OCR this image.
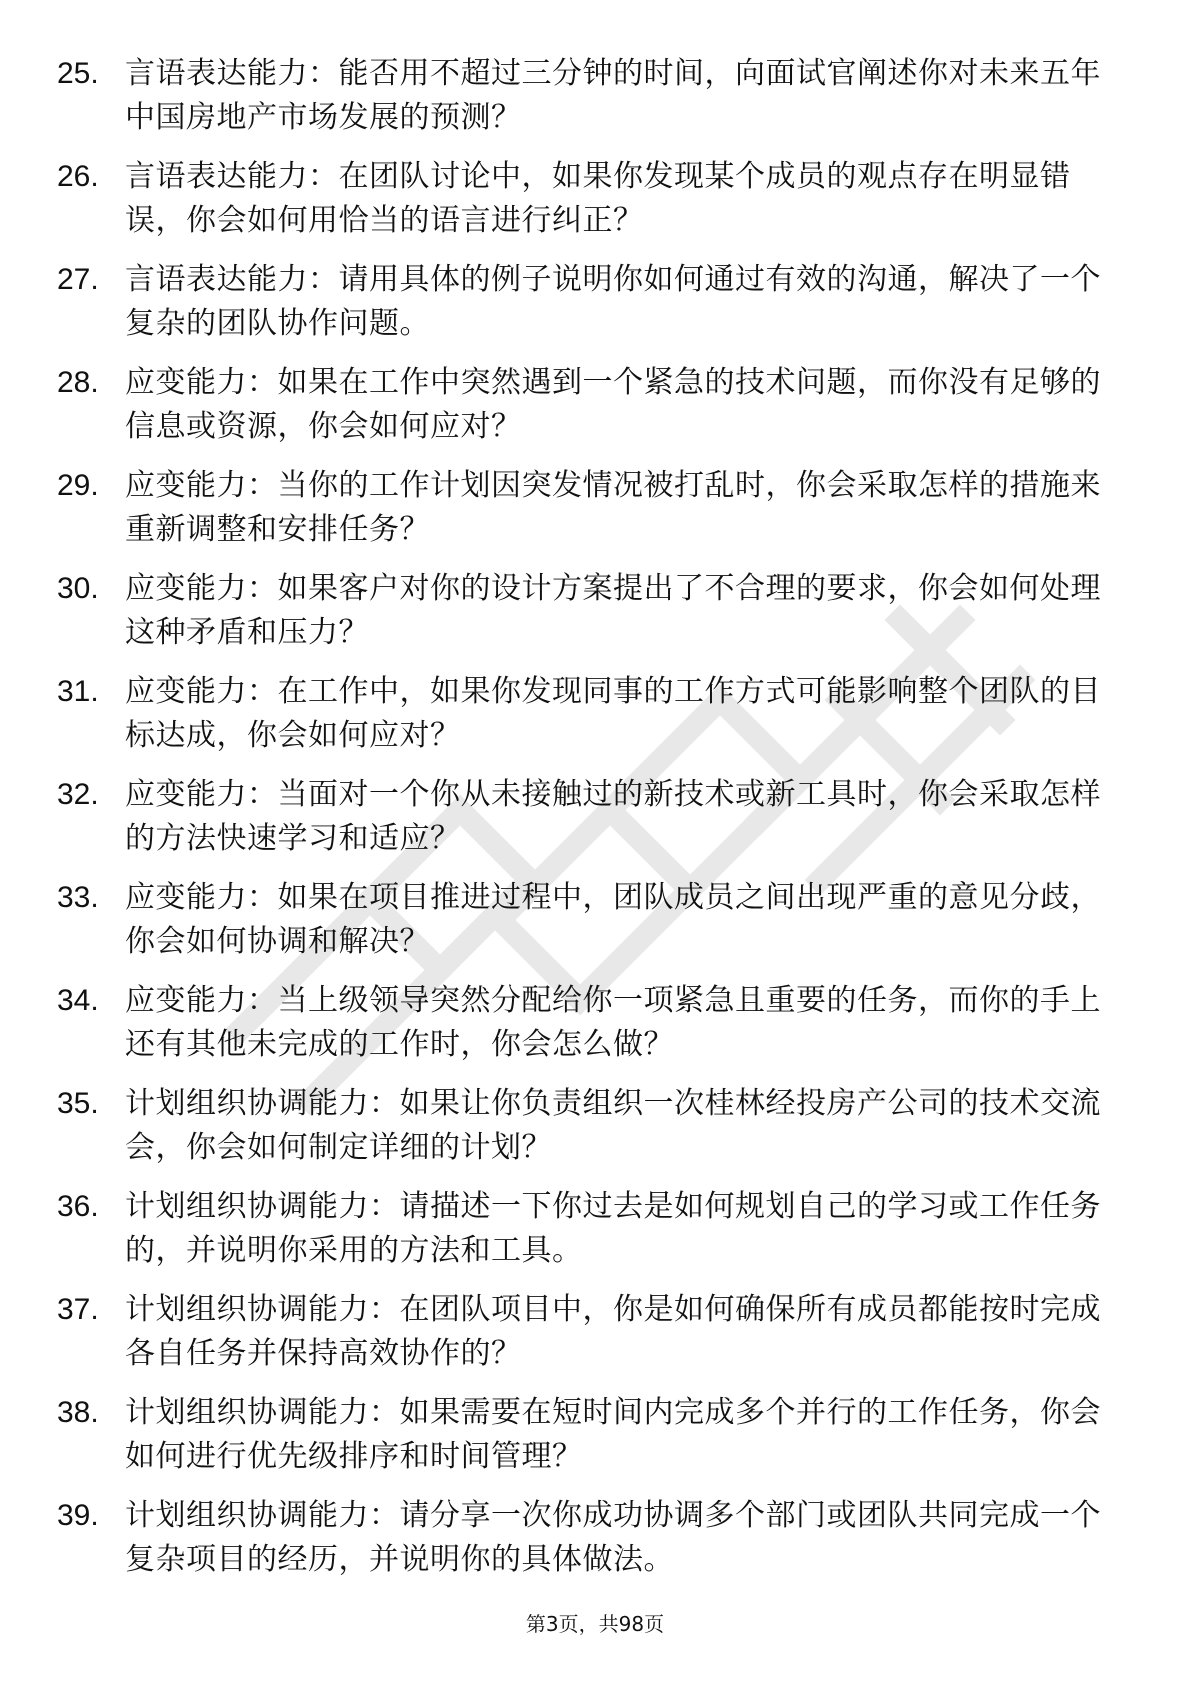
25. 言语表达能力：能否用不超过三分钟的时间，向面试官阐述你对未来五年中国房地产市场发展的预测？
26. 言语表达能力：在团队讨论中，如果你发现某个成员的观点存在明显错误，你会如何用恰当的语言进行纠正？
27. 言语表达能力：请用具体的例子说明你如何通过有效的沟通，解决了一个复杂的团队协作问题。
28. 应变能力：如果在工作中突然遇到一个紧急的技术问题，而你没有足够的信息或资源，你会如何应对？
29. 应变能力：当你的工作计划因突发情况被打乱时，你会采取怎样的措施来重新调整和安排任务？
30. 应变能力：如果客户对你的设计方案提出了不合理的要求，你会如何处理这种矛盾和压力？
31. 应变能力：在工作中，如果你发现同事的工作方式可能影响整个团队的目标达成，你会如何应对？
32. 应变能力：当面对一个你从未接触过的新技术或新工具时，你会采取怎样的方法快速学习和适应？
33. 应变能力：如果在项目推进过程中，团队成员之间出现严重的意见分歧，你会如何协调和解决？
34. 应变能力：当上级领导突然分配给你一项紧急且重要的任务，而你的手上还有其他未完成的工作时，你会怎么做？
35. 计划组织协调能力：如果让你负责组织一次桂林经投房产公司的技术交流会，你会如何制定详细的计划？
36. 计划组织协调能力：请描述一下你过去是如何规划自己的学习或工作任务的，并说明你采用的方法和工具。
37. 计划组织协调能力：在团队项目中，你是如何确保所有成员都能按时完成各自任务并保持高效协作的？
38. 计划组织协调能力：如果需要在短时间内完成多个并行的工作任务，你会如何进行优先级排序和时间管理？
39. 计划组织协调能力：请分享一次你成功协调多个部门或团队共同完成一个复杂项目的经历，并说明你的具体做法。
第3页，共98页
